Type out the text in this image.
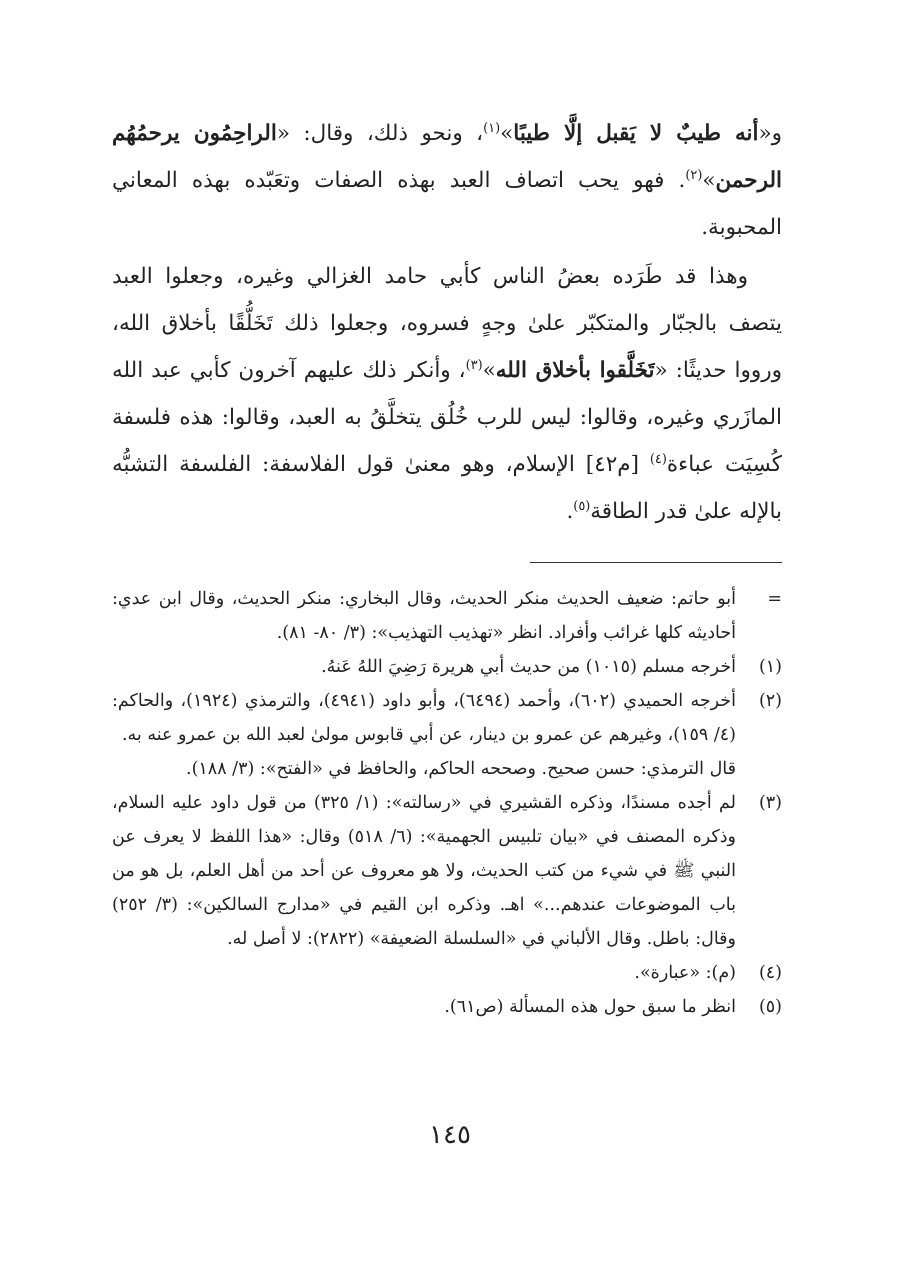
و«أنه طيبٌ لا يَقبل إلَّا طيبًا»$^{(١)}$، ونحو ذلك، وقال: «الراحِمُون يرحمُهُم الرحمن»$^{(٢)}$. فهو يحب اتصاف العبد بهذه الصفات وتعَبّده بهذه المعاني المحبوبة.

وهذا قد طَرَده بعضُ الناس كأبي حامد الغزالي وغيره، وجعلوا العبد يتصف بالجبّار والمتكبّر علىٰ وجهٍ فسروه، وجعلوا ذلك تَخَلُّقًا بأخلاق الله، ورووا حديثًا: «تَخَلَّقوا بأخلاق الله»$^{(٣)}$، وأنكر ذلك عليهم آخرون كأبي عبد الله المازَري وغيره، وقالوا: ليس للرب خُلُق يتخلَّقُ به العبد، وقالوا: هذه فلسفة كُسِيَت عباءة$^{(٤)}$ [م٤٢] الإسلام، وهو معنىٰ قول الفلاسفة: الفلسفة التشبُّه بالإله علىٰ قدر الطاقة$^{(٥)}$.

=

أبو حاتم: ضعيف الحديث منكر الحديث، وقال البخاري: منكر الحديث، وقال ابن عدي: أحاديثه كلها غرائب وأفراد. انظر «تهذيب التهذيب»: (٣/ ٨٠- ٨١).

(١)

أخرجه مسلم (١٠١٥) من حديث أبي هريرة رَضِيَ اللهُ عَنهُ.

(٢)

أخرجه الحميدي (٦٠٢)، وأحمد (٦٤٩٤)، وأبو داود (٤٩٤١)، والترمذي (١٩٢٤)، والحاكم: (٤/ ١٥٩)، وغيرهم عن عمرو بن دينار، عن أبي قابوس مولىٰ لعبد الله بن عمرو عنه به.

قال الترمذي: حسن صحيح. وصححه الحاكم، والحافظ في «الفتح»: (٣/ ١٨٨).

(٣)

لم أجده مسندًا، وذكره القشيري في «رسالته»: (١/ ٣٢٥) من قول داود عليه السلام، وذكره المصنف في «بيان تلبيس الجهمية»: (٦/ ٥١٨) وقال: «هذا اللفظ لا يعرف عن النبي ﷺ في شيء من كتب الحديث، ولا هو معروف عن أحد من أهل العلم، بل هو من باب الموضوعات عندهم...» اهـ. وذكره ابن القيم في «مدارج السالكين»: (٣/ ٢٥٢) وقال: باطل. وقال الألباني في «السلسلة الضعيفة» (٢٨٢٢): لا أصل له.

(٤)

(م): «عبارة».

(٥)

انظر ما سبق حول هذه المسألة (ص٦١).

١٤٥
